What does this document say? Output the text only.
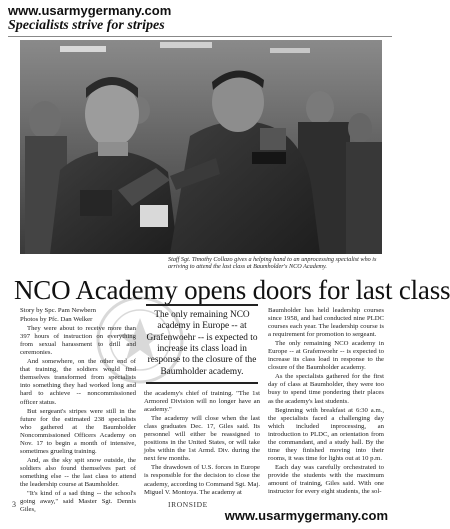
www.usarmygermany.com
Specialists strive for stripes
Staff Sgt. Timothy Collazo gives a helping hand to an unprocessing specialist who is arriving to attend the last class at Baumholder's NCO Academy.
NCO Academy opens doors for last class

Story by Spc. Pam Newbern

Photos by Pfc. Dan Welker

They were about to receive more than 397 hours of instruction on everything from sexual harassment to drill and ceremonies.

And somewhere, on the other end of that training, the soldiers would find themselves transformed from specialists into something they had worked long and hard to achieve -- noncommissioned officer status.

But sergeant's stripes were still in the future for the estimated 238 specialists who gathered at the Baumholder Noncommissioned Officers Academy on Nov. 17 to begin a month of intensive, sometimes grueling training.

And, as the sky spit snow outside, the soldiers also found themselves part of something else -- the last class to attend the leadership course at Baumholder.

"It's kind of a sad thing -- the school's going away," said Master Sgt. Dennis Giles,

The only remaining NCO academy in Europe -- at Grafenwoehr -- is expected to increase its class load in response to the closure of the Baumholder academy.

the academy's chief of training. "The 1st Armored Division will no longer have an academy."

The academy will close when the last class graduates Dec. 17, Giles said. Its personnel will either be reassigned to positions in the United States, or will take jobs within the 1st Armd. Div. during the next few months.

The drawdown of U.S. forces in Europe is responsible for the decision to close the academy, according to Command Sgt. Maj. Miguel V. Montoya. The academy at

Baumholder has held leadership courses since 1958, and had conducted nine PLDC courses each year. The leadership course is a requirement for promotion to sergeant.

The only remaining NCO academy in Europe -- at Grafenwoehr -- is expected to increase its class load in response to the closure of the Baumholder academy.

As the specialists gathered for the first day of class at Baumholder, they were too busy to spend time pondering their places as the academy's last students.

Beginning with breakfast at 6:30 a.m., the specialists faced a challenging day which included inprocessing, an introduction to PLDC, an orientation from the commandant, and a study hall. By the time they finished moving into their rooms, it was time for lights out at 10 p.m.

Each day was carefully orchestrated to provide the students with the maximum amount of training, Giles said. With one instructor for every eight students, the sol-

3	IRONSIDE
www.usarmygermany.com
